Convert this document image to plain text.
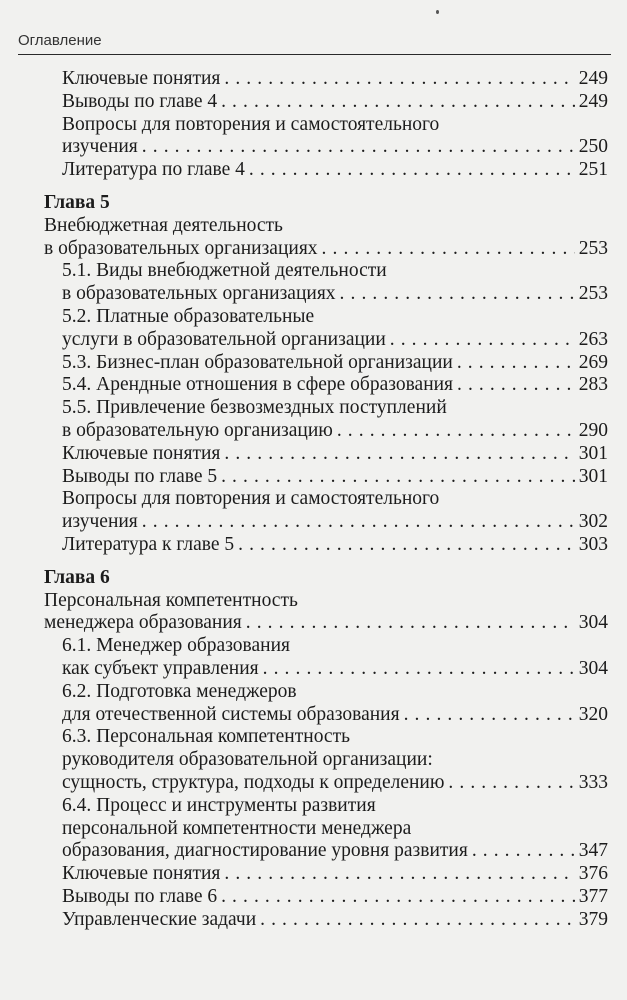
Оглавление
Ключевые понятия . . .	249
Выводы по главе 4 . . .	249
Вопросы для повторения и самостоятельного
изучения . . .	250
Литература по главе 4 . . .	251
Глава 5
Внебюджетная деятельность
в образовательных организациях . . .	253
5.1. Виды внебюджетной деятельности
в образовательных организациях . . .	253
5.2. Платные образовательные
услуги в образовательной организации . . .	263
5.3. Бизнес-план образовательной организации . . .	269
5.4. Арендные отношения в сфере образования . . .	283
5.5. Привлечение безвозмездных поступлений
в образовательную организацию . . .	290
Ключевые понятия . . .	301
Выводы по главе 5 . . .	301
Вопросы для повторения и самостоятельного
изучения . . .	302
Литература к главе 5 . . .	303
Глава 6
Персональная компетентность
менеджера образования . . .	304
6.1. Менеджер образования
как субъект управления . . .	304
6.2. Подготовка менеджеров
для отечественной системы образования . . .	320
6.3. Персональная компетентность
руководителя образовательной организации:
сущность, структура, подходы к определению . . .	333
6.4. Процесс и инструменты развития
персональной компетентности менеджера
образования, диагностирование уровня развития . . .	347
Ключевые понятия . . .	376
Выводы по главе 6 . . .	377
Управленческие задачи . . .	379
